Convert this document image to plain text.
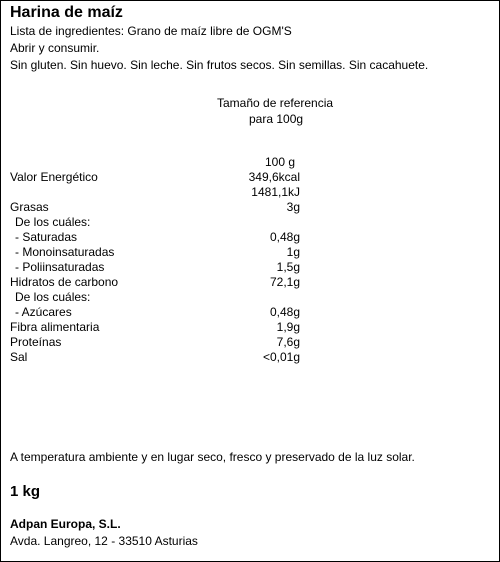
Harina de maíz
Lista de ingredientes: Grano de maíz libre de OGM'S
Abrir y consumir.
Sin gluten. Sin huevo. Sin leche. Sin frutos secos. Sin semillas. Sin cacahuete.
Tamaño de referencia
para 100g
100 g
Valor Energético	349,6kcal
1481,1kJ
Grasas	3g
De los cuáles:
- Saturadas	0,48g
- Monoinsaturadas	1g
- Poliinsaturadas	1,5g
Hidratos de carbono	72,1g
De los cuáles:
- Azúcares	0,48g
Fibra alimentaria	1,9g
Proteínas	7,6g
Sal	<0,01g
A temperatura ambiente y en lugar seco, fresco y preservado de la luz solar.
1 kg
Adpan Europa, S.L.
Avda. Langreo, 12 - 33510 Asturias
